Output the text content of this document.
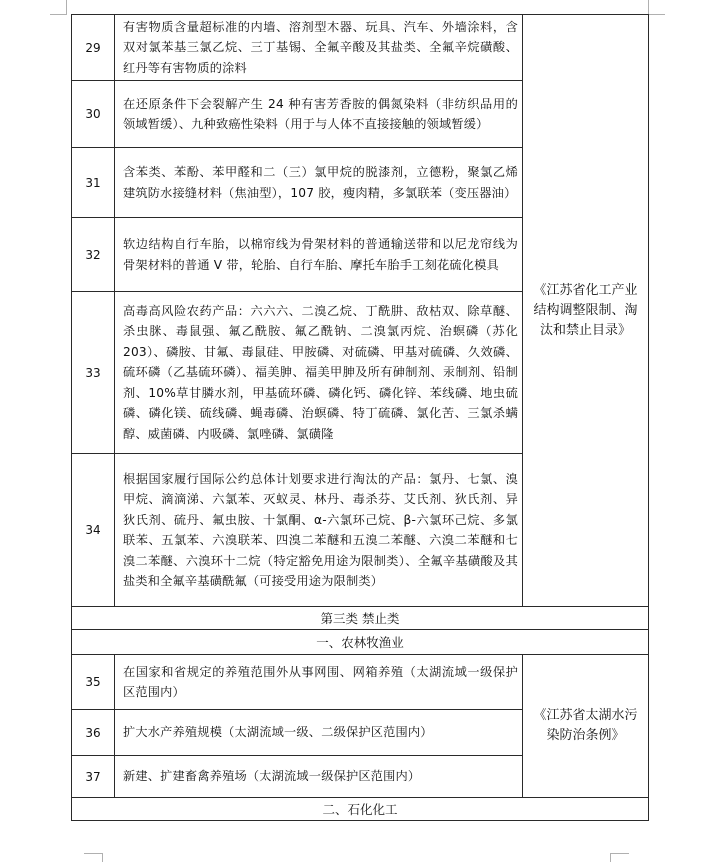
29	有害物质含量超标准的内墙、溶剂型木器、玩具、汽车、外墙涂料，含双对氯苯基三氯乙烷、三丁基锡、全氟辛酸及其盐类、全氟辛烷磺酸、红丹等有害物质的涂料	《江苏省化工产业结构调整限制、淘汰和禁止目录》
30	在还原条件下会裂解产生 24 种有害芳香胺的偶氮染料（非纺织品用的领域暂缓）、九种致癌性染料（用于与人体不直接接触的领域暂缓）	
31	含苯类、苯酚、苯甲醛和二（三）氯甲烷的脱漆剂，立德粉，聚氯乙烯建筑防水接缝材料（焦油型），107 胶，瘦肉精，多氯联苯（变压器油）	
32	软边结构自行车胎，以棉帘线为骨架材料的普通输送带和以尼龙帘线为骨架材料的普通 V 带，轮胎、自行车胎、摩托车胎手工刻花硫化模具	
33	高毒高风险农药产品：六六六、二溴乙烷、丁酰肼、敌枯双、除草醚、杀虫脒、毒鼠强、氟乙酰胺、氟乙酰钠、二溴氯丙烷、治螟磷（苏化 203）、磷胺、甘氟、毒鼠硅、甲胺磷、对硫磷、甲基对硫磷、久效磷、硫环磷（乙基硫环磷）、福美胂、福美甲胂及所有砷制剂、汞制剂、铅制剂、10%草甘膦水剂，甲基硫环磷、磷化钙、磷化锌、苯线磷、地虫硫磷、磷化镁、硫线磷、蝇毒磷、治螟磷、特丁硫磷、氯化苦、三氯杀螨醇、威菌磷、内吸磷、氯唑磷、氯磺隆	
34	根据国家履行国际公约总体计划要求进行淘汰的产品：氯丹、七氯、溴甲烷、滴滴涕、六氯苯、灭蚁灵、林丹、毒杀芬、艾氏剂、狄氏剂、异狄氏剂、硫丹、氟虫胺、十氯酮、α-六氯环己烷、β-六氯环己烷、多氯联苯、五氯苯、六溴联苯、四溴二苯醚和五溴二苯醚、六溴二苯醚和七溴二苯醚、六溴环十二烷（特定豁免用途为限制类）、全氟辛基磺酸及其盐类和全氟辛基磺酰氟（可接受用途为限制类）	
第三类 禁止类		
一、农林牧渔业		
35	在国家和省规定的养殖范围外从事网围、网箱养殖（太湖流域一级保护区范围内）	《江苏省太湖水污染防治条例》
36	扩大水产养殖规模（太湖流域一级、二级保护区范围内）	
37	新建、扩建畜禽养殖场（太湖流域一级保护区范围内）	
二、石化化工		
